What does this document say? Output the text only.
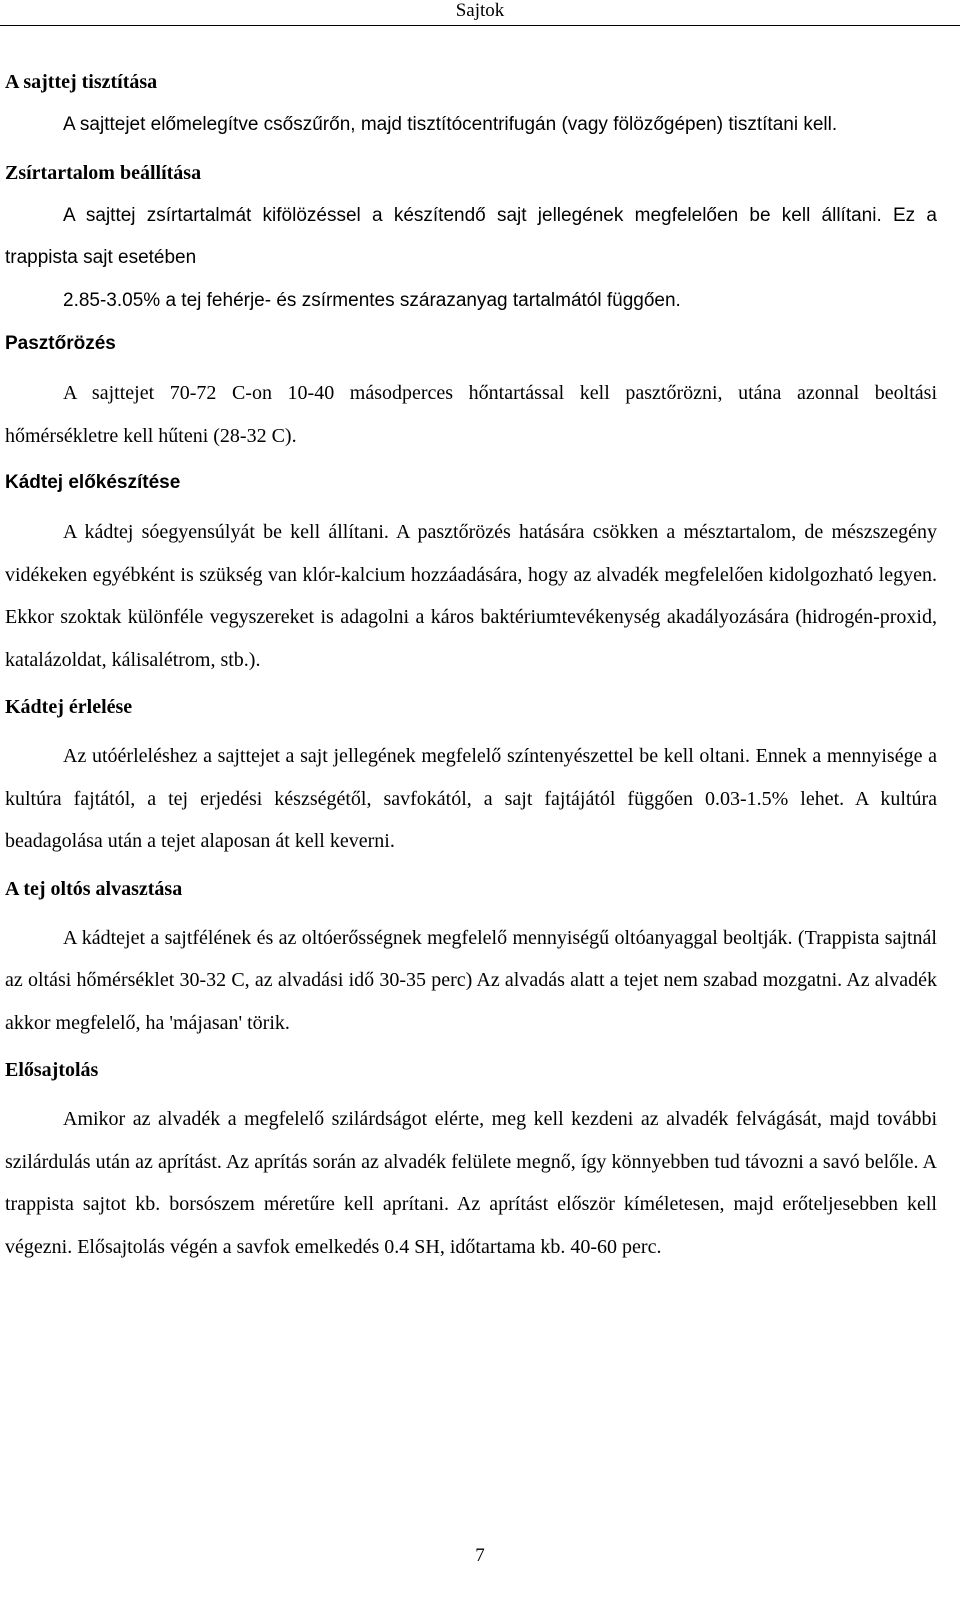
Sajtok
A sajttej tisztítása

A sajttejet előmelegítve csőszűrőn, majd tisztítócentrifugán (vagy fölözőgépen) tisztítani kell.

Zsírtartalom beállítása

A sajttej zsírtartalmát kifölözéssel a készítendő sajt jellegének megfelelően be kell állítani. Ez a trappista sajt esetében

2.85-3.05% a tej fehérje- és zsírmentes szárazanyag tartalmától függően.

Pasztőrözés

A sajttejet 70-72 C-on 10-40 másodperces hőntartással kell pasztőrözni, utána azonnal beoltási hőmérsékletre kell hűteni (28-32 C).

Kádtej előkészítése

A kádtej sóegyensúlyát be kell állítani. A pasztőrözés hatására csökken a mésztartalom, de mészszegény vidékeken egyébként is szükség van klór-kalcium hozzáadására, hogy az alvadék megfelelően kidolgozható legyen. Ekkor szoktak különféle vegyszereket is adagolni a káros baktériumtevékenység akadályozására (hidrogén-proxid, katalázoldat, kálisalétrom, stb.).

Kádtej érlelése

Az utóérleléshez a sajttejet a sajt jellegének megfelelő színtenyészettel be kell oltani. Ennek a mennyisége a kultúra fajtától, a tej erjedési készségétől, savfokától, a sajt fajtájától függően 0.03-1.5% lehet. A kultúra beadagolása után a tejet alaposan át kell keverni.

A tej oltós alvasztása

A kádtejet a sajtfélének és az oltóerősségnek megfelelő mennyiségű oltóanyaggal beoltják. (Trappista sajtnál az oltási hőmérséklet 30-32 C, az alvadási idő 30-35 perc) Az alvadás alatt a tejet nem szabad mozgatni. Az alvadék akkor megfelelő, ha 'májasan' törik.

Elősajtolás

Amikor az alvadék a megfelelő szilárdságot elérte, meg kell kezdeni az alvadék felvágását, majd további szilárdulás után az aprítást. Az aprítás során az alvadék felülete megnő, így könnyebben tud távozni a savó belőle. A trappista sajtot kb. borsószem méretűre kell aprítani. Az aprítást először kíméletesen, majd erőteljesebben kell végezni. Elősajtolás végén a savfok emelkedés 0.4 SH, időtartama kb. 40-60 perc.

7
